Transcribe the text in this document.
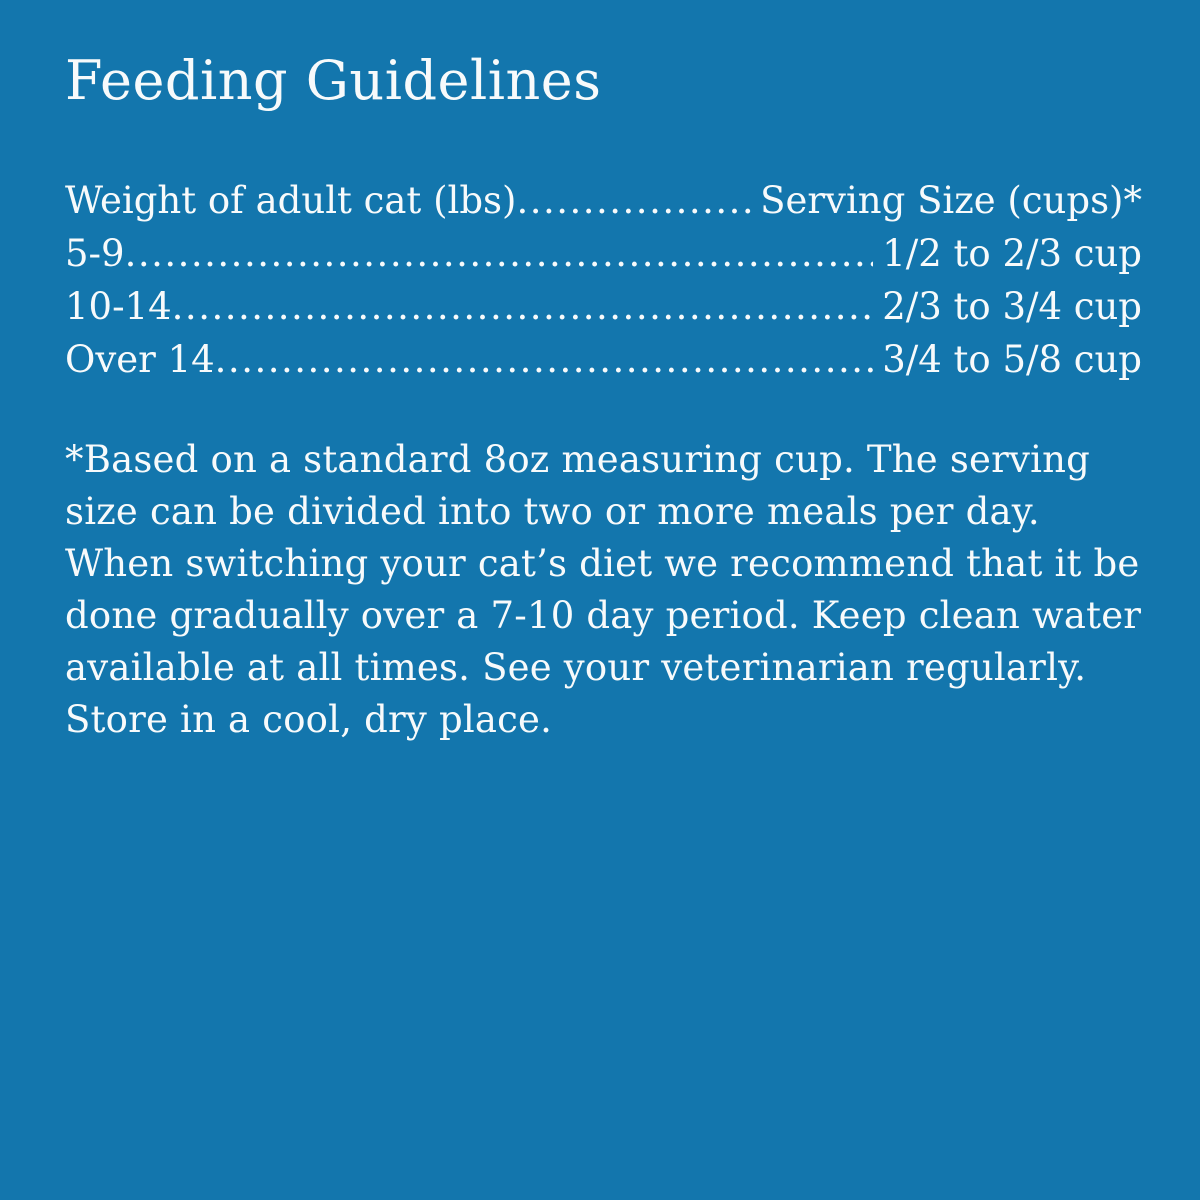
Feeding Guidelines
Weight of adult cat (lbs) .....	Serving Size (cups)*
5-9 .....	1/2 to 2/3 cup
10-14 .....	2/3 to 3/4 cup
Over 14 .....	3/4 to 5/8 cup

*Based on a standard 8oz measuring cup. The serving size can be divided into two or more meals per day. When switching your cat’s diet we recommend that it be done gradually over a 7-10 day period. Keep clean water available at all times. See your veterinarian regularly. Store in a cool, dry place.
